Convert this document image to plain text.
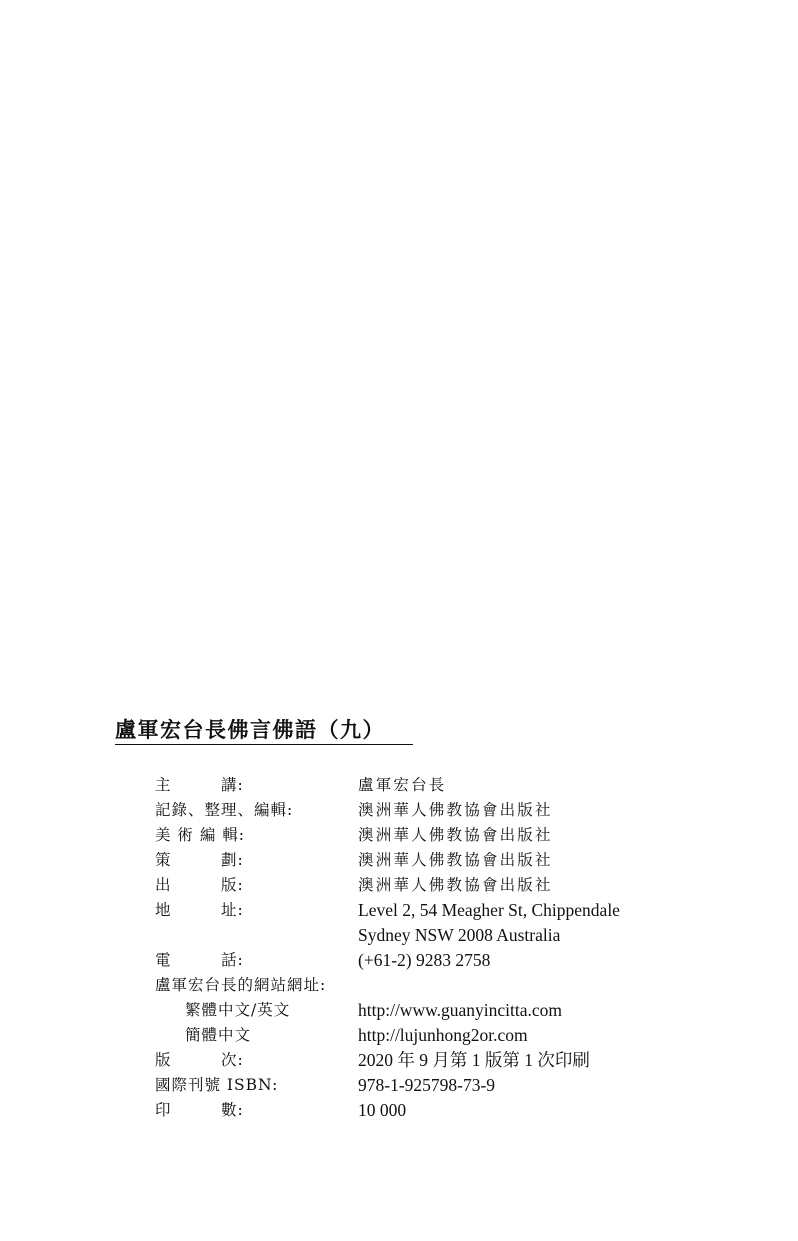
盧軍宏台長佛言佛語（九）
主　　　講:	盧軍宏台長
記錄、整理、編輯:	澳洲華人佛教協會出版社
美 術 編 輯:	澳洲華人佛教協會出版社
策　　　劃:	澳洲華人佛教協會出版社
出　　　版:	澳洲華人佛教協會出版社
地　　　址:	Level 2, 54 Meagher St, Chippendale
Sydney NSW 2008 Australia
電　　　話:	(+61-2) 9283 2758
盧軍宏台長的網站網址:
繁體中文/英文	http://www.guanyincitta.com
簡體中文	http://lujunhong2or.com
版　　　次:	2020 年 9 月第 1 版第 1 次印刷
國際刊號 ISBN:	978-1-925798-73-9
印　　　數:	10 000
